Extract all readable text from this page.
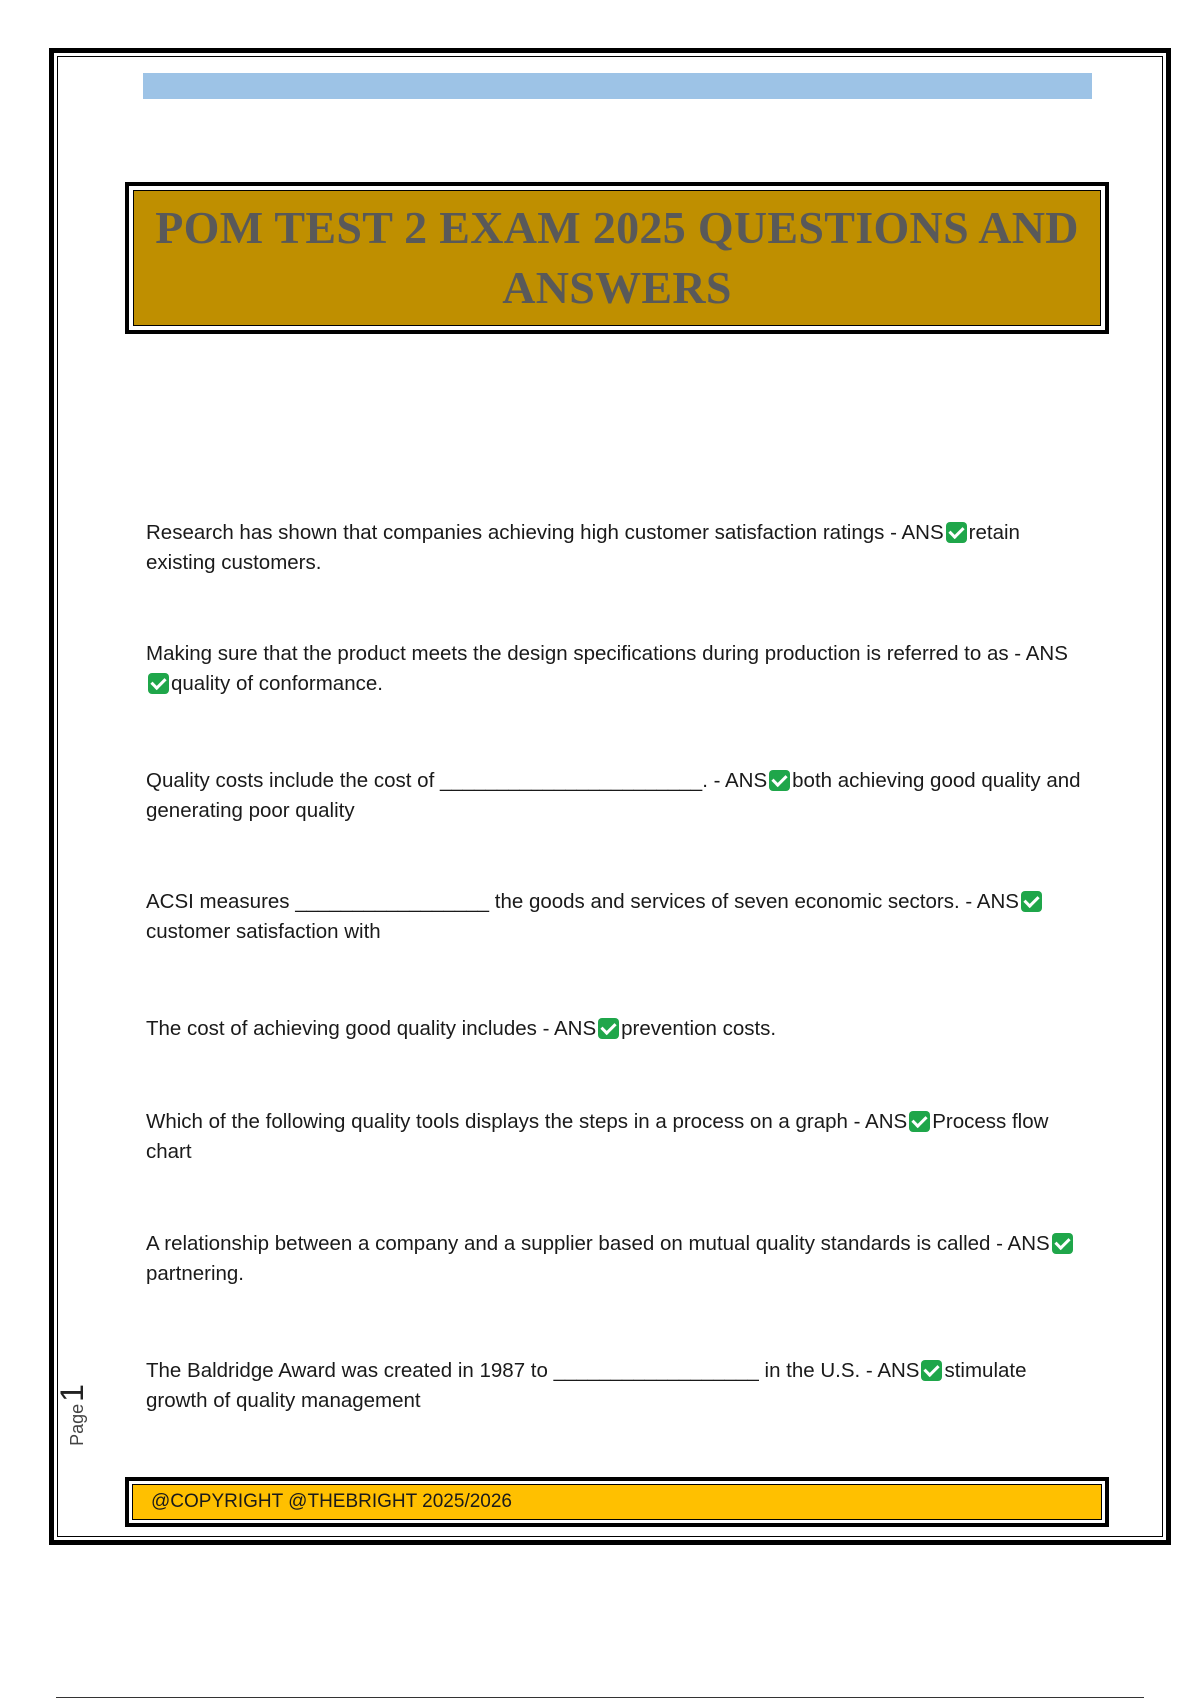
POM TEST 2 EXAM 2025 QUESTIONS AND ANSWERS

Research has shown that companies achieving high customer satisfaction ratings - ANS retain existing customers.

Making sure that the product meets the design specifications during production is referred to as - ANSquality of conformance.

Quality costs include the cost of _______________________. - ANS both achieving good quality and generating poor quality

ACSI measures _________________ the goods and services of seven economic sectors. - ANScustomer satisfaction with

The cost of achieving good quality includes - ANS prevention costs.

Which of the following quality tools displays the steps in a process on a graph - ANS Process flow chart

A relationship between a company and a supplier based on mutual quality standards is called - ANSpartnering.

The Baldridge Award was created in 1987 to __________________ in the U.S. - ANS stimulate growth of quality management

Page
1
@COPYRIGHT @THEBRIGHT 2025/2026
